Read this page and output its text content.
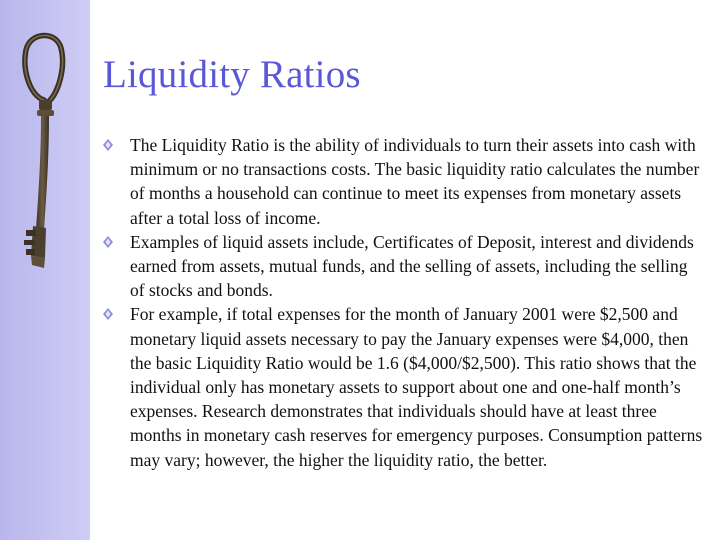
Liquidity Ratios
The Liquidity Ratio is the ability of individuals to turn their assets into cash with minimum or no transactions costs. The basic liquidity ratio calculates the number of months a household can continue to meet its expenses from monetary assets after a total loss of income.
Examples of liquid assets include, Certificates of Deposit, interest and dividends earned from assets, mutual funds, and the selling of assets, including the selling of stocks and bonds.
For example, if total expenses for the month of January 2001 were $2,500 and monetary liquid assets necessary to pay the January expenses were $4,000, then the basic Liquidity Ratio would be 1.6 ($4,000/$2,500). This ratio shows that the individual only has monetary assets to support about one and one-half month’s expenses. Research demonstrates that individuals should have at least three months in monetary cash reserves for emergency purposes. Consumption patterns may vary; however, the higher the liquidity ratio, the better.
